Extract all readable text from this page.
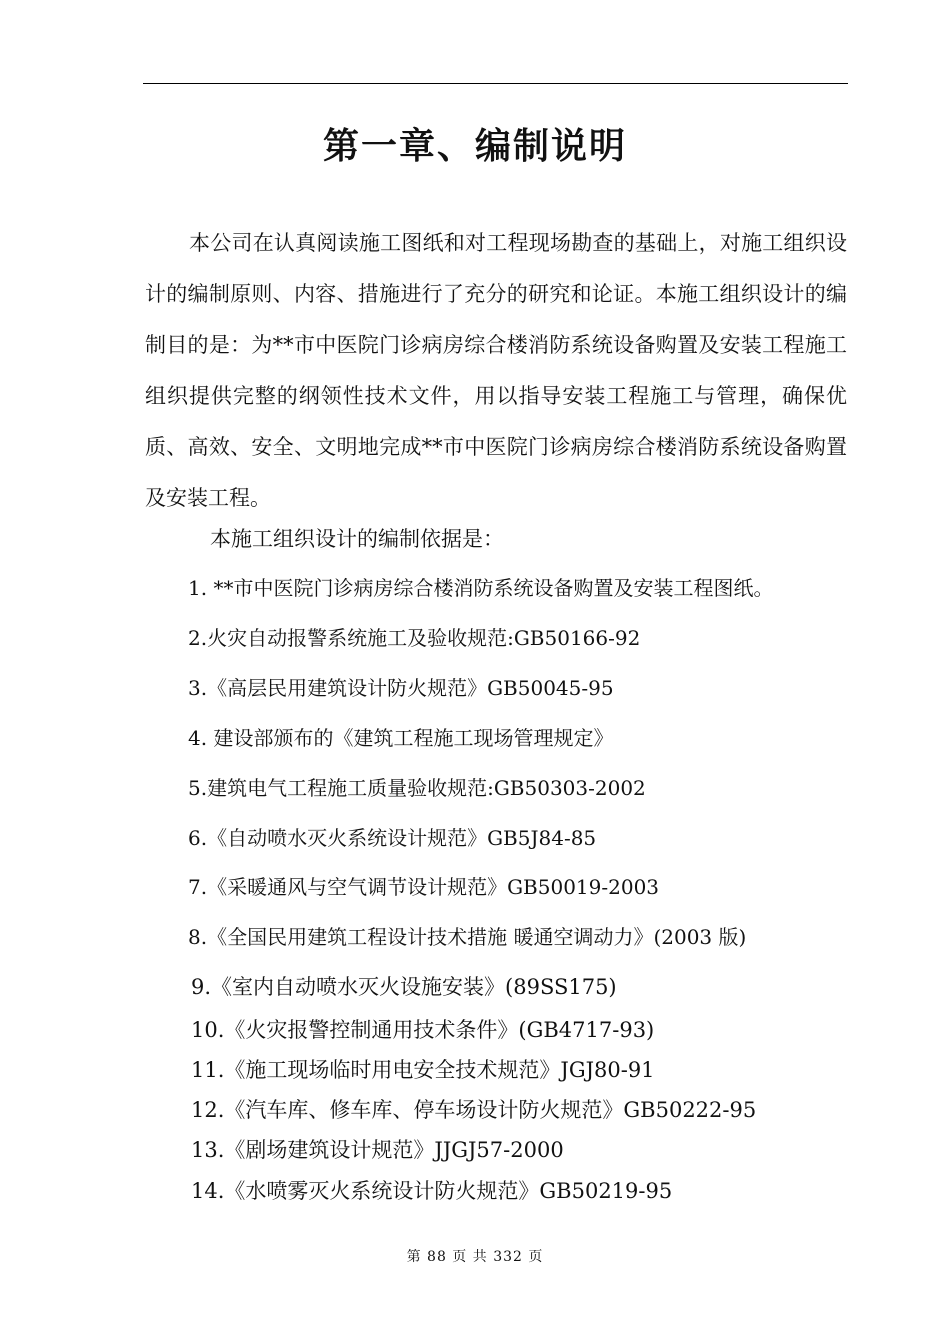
第一章、编制说明
本公司在认真阅读施工图纸和对工程现场勘查的基础上，对施工组织设计的编制原则、内容、措施进行了充分的研究和论证。本施工组织设计的编制目的是：为**市中医院门诊病房综合楼消防系统设备购置及安装工程施工组织提供完整的纲领性技术文件，用以指导安装工程施工与管理，确保优质、高效、安全、文明地完成**市中医院门诊病房综合楼消防系统设备购置及安装工程。
本施工组织设计的编制依据是：
1. **市中医院门诊病房综合楼消防系统设备购置及安装工程图纸。
2.火灾自动报警系统施工及验收规范:GB50166-92
3.《高层民用建筑设计防火规范》GB50045-95
4. 建设部颁布的《建筑工程施工现场管理规定》
5.建筑电气工程施工质量验收规范:GB50303-2002
6.《自动喷水灭火系统设计规范》GB5J84-85
7.《采暖通风与空气调节设计规范》GB50019-2003
8.《全国民用建筑工程设计技术措施 暖通空调动力》(2003 版)
9.《室内自动喷水灭火设施安装》(89SS175)
10.《火灾报警控制通用技术条件》(GB4717-93)
11.《施工现场临时用电安全技术规范》JGJ80-91
12.《汽车库、修车库、停车场设计防火规范》GB50222-95
13.《剧场建筑设计规范》JJGJ57-2000
14.《水喷雾灭火系统设计防火规范》GB50219-95
第 88 页 共 332 页
